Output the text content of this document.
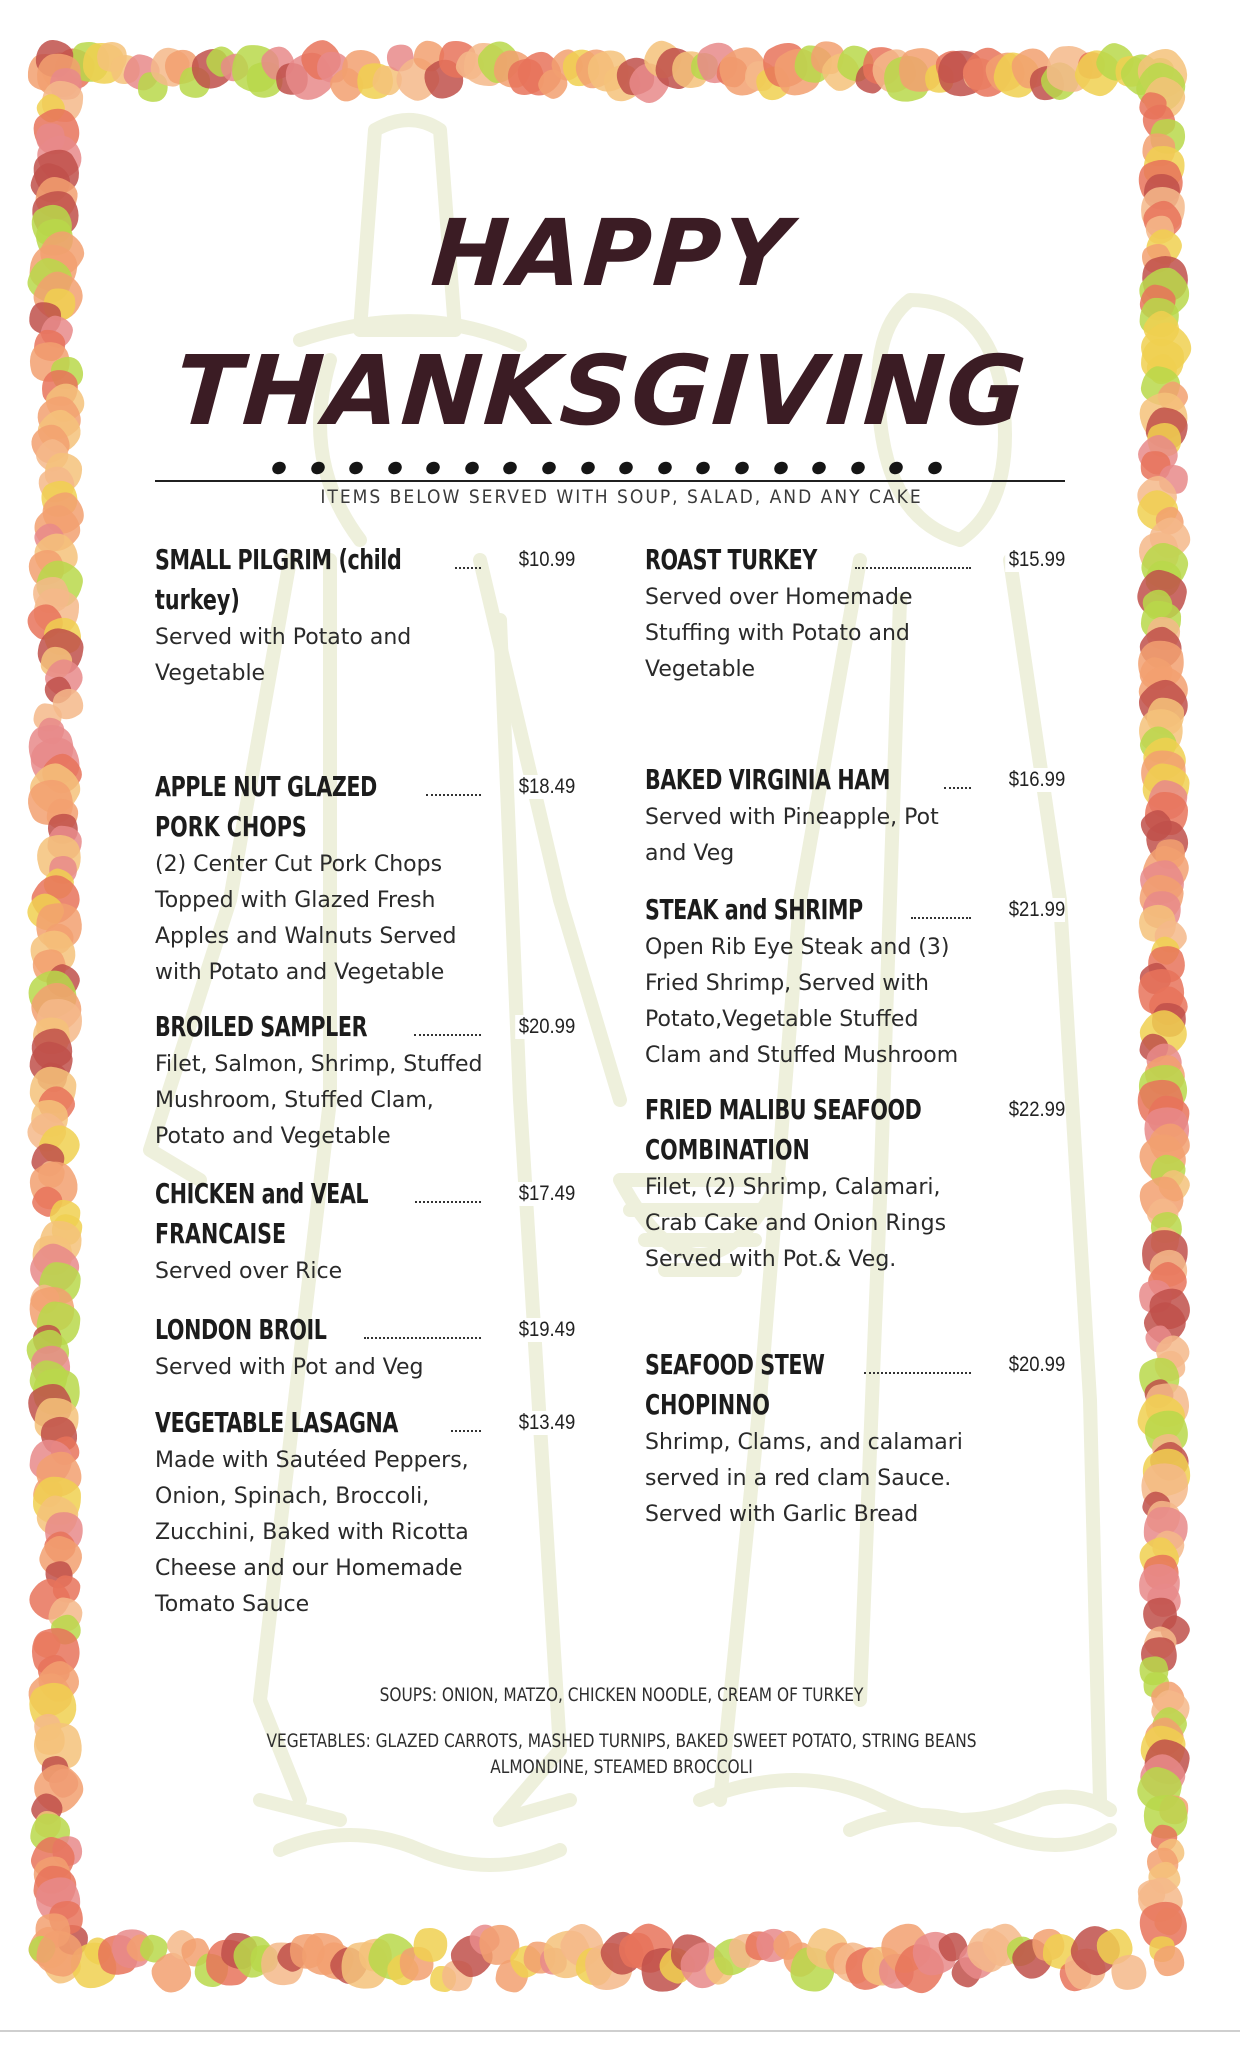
HAPPY
THANKSGIVING
ITEMS BELOW SERVED WITH SOUP, SALAD, AND ANY CAKE
SMALL PILGRIM (child	$10.99
turkey)
Served with Potato and
Vegetable
APPLE NUT GLAZED	$18.49
PORK CHOPS
(2) Center Cut Pork Chops
Topped with Glazed Fresh
Apples and Walnuts Served
with Potato and Vegetable
BROILED SAMPLER	$20.99
Filet, Salmon, Shrimp, Stuffed
Mushroom, Stuffed Clam,
Potato and Vegetable
CHICKEN and VEAL	$17.49
FRANCAISE
Served over Rice
LONDON BROIL	$19.49
Served with Pot and Veg
VEGETABLE LASAGNA	$13.49
Made with Sautéed Peppers,
Onion, Spinach, Broccoli,
Zucchini, Baked with Ricotta
Cheese and our Homemade
Tomato Sauce
ROAST TURKEY	$15.99
Served over Homemade
Stuffing with Potato and
Vegetable
BAKED VIRGINIA HAM	$16.99
Served with Pineapple, Pot
and Veg
STEAK and SHRIMP	$21.99
Open Rib Eye Steak and (3)
Fried Shrimp, Served with
Potato,Vegetable Stuffed
Clam and Stuffed Mushroom
FRIED MALIBU SEAFOOD	$22.99
COMBINATION
Filet, (2) Shrimp, Calamari,
Crab Cake and Onion Rings
Served with Pot.& Veg.
SEAFOOD STEW	$20.99
CHOPINNO
Shrimp, Clams, and calamari
served in a red clam Sauce.
Served with Garlic Bread
SOUPS: ONION, MATZO, CHICKEN NOODLE, CREAM OF TURKEY
VEGETABLES: GLAZED CARROTS, MASHED TURNIPS, BAKED SWEET POTATO, STRING BEANS
ALMONDINE, STEAMED BROCCOLI
